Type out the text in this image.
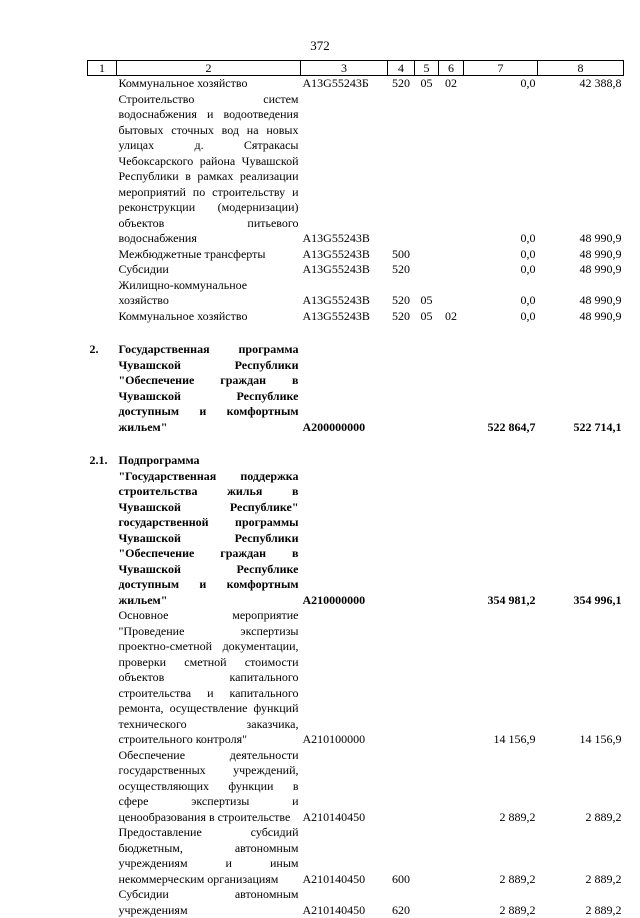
372
1	2	3	4	5	6	7	8
	Коммунальное хозяйство	А13G55243Б	520	05	02	0,0	42 388,8
	Строительство систем водоснабжения и водоотведения бытовых сточных вод на новых улицах д. Сятракасы Чебоксарского района Чувашской Республики в рамках реализации мероприятий по строительству и реконструкции (модернизации) объектов питьевого водоснабжения	А13G55243В				0,0	48 990,9
	Межбюджетные трансферты	А13G55243В	500			0,0	48 990,9
	Субсидии	А13G55243В	520			0,0	48 990,9
	Жилищно-коммунальное хозяйство	А13G55243В	520	05		0,0	48 990,9
	Коммунальное хозяйство	А13G55243В	520	05	02	0,0	48 990,9

2.	Государственная программа Чувашской Республики "Обеспечение граждан в Чувашской Республике доступным и комфортным жильем"	А200000000				522 864,7	522 714,1

2.1.	Подпрограмма "Государственная поддержка строительства жилья в Чувашской Республике" государственной программы Чувашской Республики "Обеспечение граждан в Чувашской Республике доступным и комфортным жильем"	А210000000				354 981,2	354 996,1
	Основное мероприятие "Проведение экспертизы проектно-сметной документации, проверки сметной стоимости объектов капитального строительства и капитального ремонта, осуществление функций технического заказчика, строительного контроля"	А210100000				14 156,9	14 156,9
	Обеспечение деятельности государственных учреждений, осуществляющих функции в сфере экспертизы и ценообразования в строительстве	А210140450				2 889,2	2 889,2
	Предоставление субсидий бюджетным, автономным учреждениям и иным некоммерческим организациям	А210140450	600			2 889,2	2 889,2
	Субсидии автономным учреждениям	А210140450	620			2 889,2	2 889,2
